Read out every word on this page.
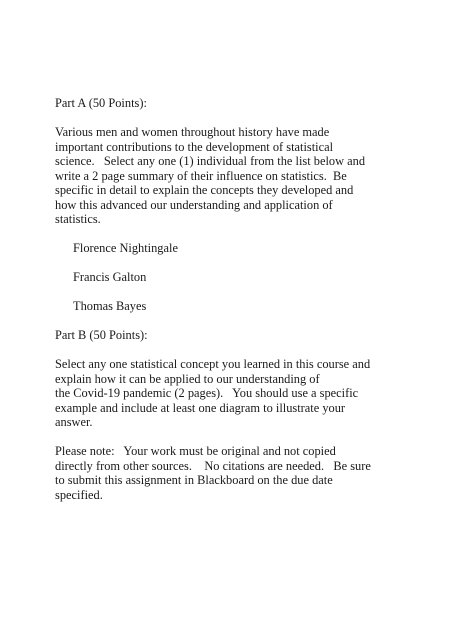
Part A (50 Points):

Various men and women throughout history have made

important contributions to the development of statistical

science.   Select any one (1) individual from the list below and

write a 2 page summary of their influence on statistics.  Be

specific in detail to explain the concepts they developed and

how this advanced our understanding and application of

statistics.

Florence Nightingale

Francis Galton

Thomas Bayes

Part B (50 Points):

Select any one statistical concept you learned in this course and

explain how it can be applied to our understanding of

the Covid-19 pandemic (2 pages).   You should use a specific

example and include at least one diagram to illustrate your

answer.

Please note:   Your work must be original and not copied

directly from other sources.    No citations are needed.   Be sure

to submit this assignment in Blackboard on the due date

specified.
